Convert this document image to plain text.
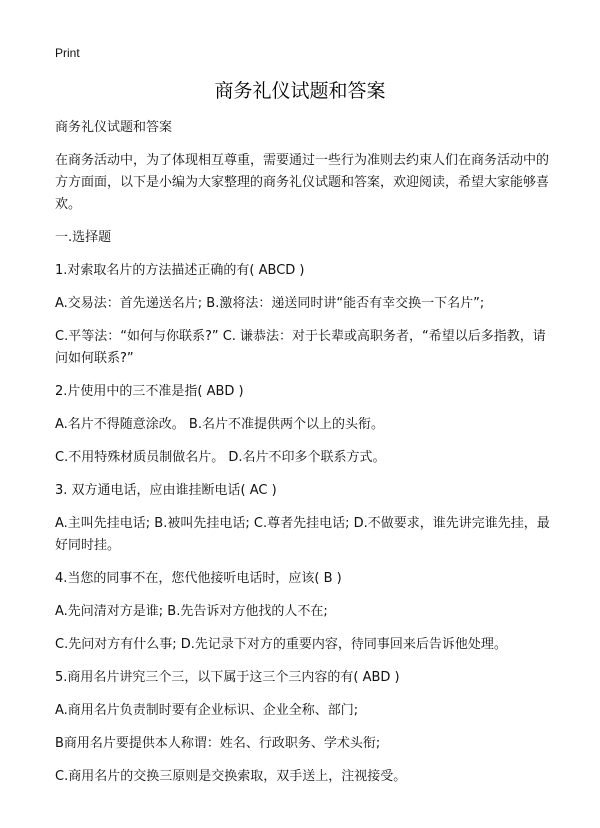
Print
商务礼仪试题和答案

商务礼仪试题和答案

在商务活动中，为了体现相互尊重，需要通过一些行为准则去约束人们在商务活动中的方方面面，以下是小编为大家整理的商务礼仪试题和答案，欢迎阅读，希望大家能够喜欢。

一.选择题

1.对索取名片的方法描述正确的有( ABCD )

A.交易法：首先递送名片; B.激将法：递送同时讲“能否有幸交换一下名片”;

C.平等法：“如何与你联系?” C. 谦恭法：对于长辈或高职务者，“希望以后多指教，请问如何联系?”

2.片使用中的三不准是指( ABD )

A.名片不得随意涂改。 B.名片不准提供两个以上的头衔。

C.不用特殊材质员制做名片。 D.名片不印多个联系方式。

3. 双方通电话，应由谁挂断电话( AC )

A.主叫先挂电话; B.被叫先挂电话; C.尊者先挂电话; D.不做要求，谁先讲完谁先挂，最好同时挂。

4.当您的同事不在，您代他接听电话时，应该( B )

A.先问清对方是谁; B.先告诉对方他找的人不在;

C.先问对方有什么事; D.先记录下对方的重要内容，待同事回来后告诉他处理。

5.商用名片讲究三个三，以下属于这三个三内容的有( ABD )

A.商用名片负责制时要有企业标识、企业全称、部门;

B商用名片要提供本人称谓：姓名、行政职务、学术头衔;

C.商用名片的交换三原则是交换索取，双手送上，注视接受。
